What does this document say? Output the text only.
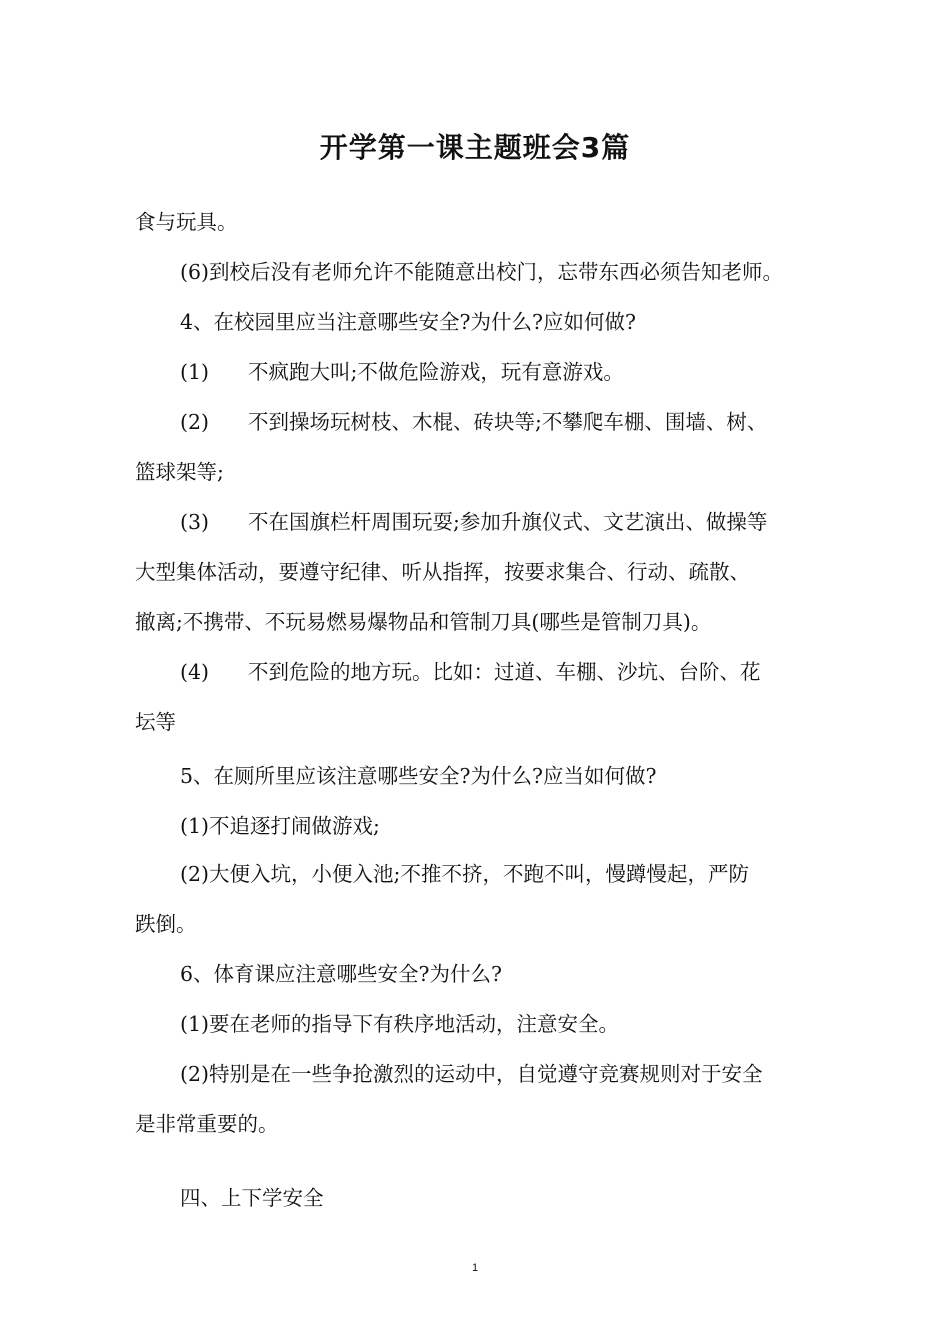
开学第一课主题班会3篇
食与玩具。
(6)到校后没有老师允许不能随意出校门，忘带东西必须告知老师。
4、在校园里应当注意哪些安全?为什么?应如何做?
(1) 不疯跑大叫;不做危险游戏，玩有意游戏。
(2) 不到操场玩树枝、木棍、砖块等;不攀爬车棚、围墙、树、
篮球架等;
(3) 不在国旗栏杆周围玩耍;参加升旗仪式、文艺演出、做操等
大型集体活动，要遵守纪律、听从指挥，按要求集合、行动、疏散、
撤离;不携带、不玩易燃易爆物品和管制刀具(哪些是管制刀具)。
(4) 不到危险的地方玩。比如：过道、车棚、沙坑、台阶、花
坛等
5、在厕所里应该注意哪些安全?为什么?应当如何做?
(1)不追逐打闹做游戏;
(2)大便入坑，小便入池;不推不挤，不跑不叫，慢蹲慢起，严防
跌倒。
6、体育课应注意哪些安全?为什么?
(1)要在老师的指导下有秩序地活动，注意安全。
(2)特别是在一些争抢激烈的运动中，自觉遵守竞赛规则对于安全
是非常重要的。
四、上下学安全
1
